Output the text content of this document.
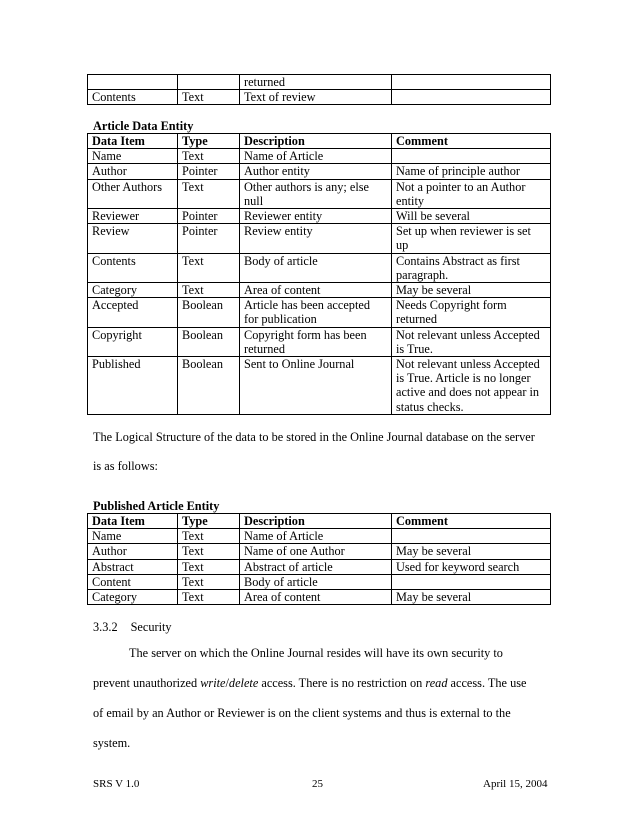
		returned	
Contents	Text	Text of review	
Article Data Entity
Data Item	Type	Description	Comment
Name	Text	Name of Article	
Author	Pointer	Author entity	Name of principle author
Other Authors	Text	Other authors is any; else null	Not a pointer to an Author entity
Reviewer	Pointer	Reviewer entity	Will be several
Review	Pointer	Review entity	Set up when reviewer is set up
Contents	Text	Body of article	Contains Abstract as first paragraph.
Category	Text	Area of content	May be several
Accepted	Boolean	Article has been accepted for publication	Needs Copyright form returned
Copyright	Boolean	Copyright form has been returned	Not relevant unless Accepted is True.
Published	Boolean	Sent to Online Journal	Not relevant unless Accepted is True. Article is no longer active and does not appear in status checks.
The Logical Structure of the data to be stored in the Online Journal database on the server
is as follows:
Published Article Entity
Data Item	Type	Description	Comment
Name	Text	Name of Article	
Author	Text	Name of one Author	May be several
Abstract	Text	Abstract of article	Used for keyword search
Content	Text	Body of article	
Category	Text	Area of content	May be several
3.3.2 Security
The server on which the Online Journal resides will have its own security to
prevent unauthorized write/delete access. There is no restriction on read access. The use
of email by an Author or Reviewer is on the client systems and thus is external to the
system.
SRS V 1.0	25	April 15, 2004
